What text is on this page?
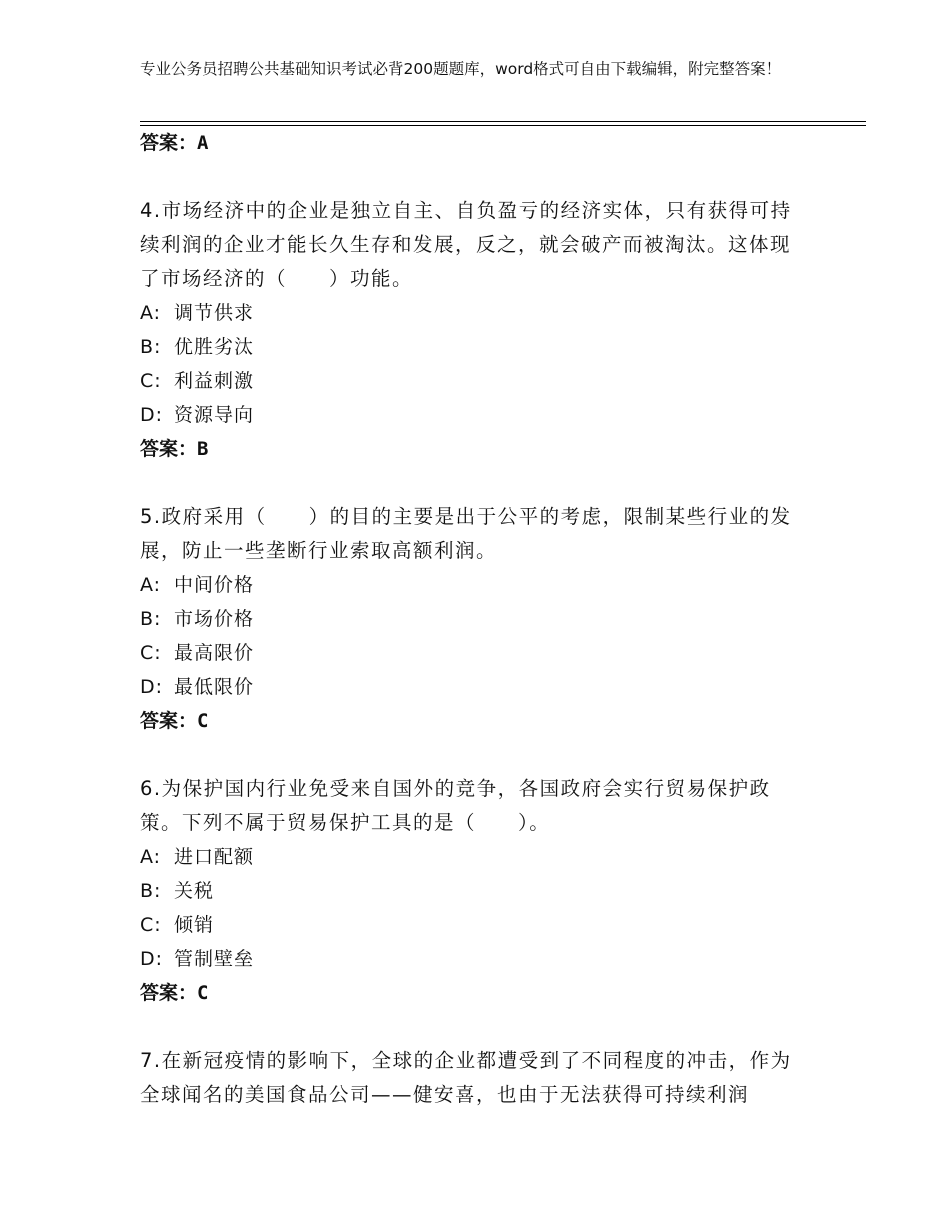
专业公务员招聘公共基础知识考试必背200题题库，word格式可自由下载编辑，附完整答案！

答案：A

4.市场经济中的企业是独立自主、自负盈亏的经济实体，只有获得可持续利润的企业才能长久生存和发展，反之，就会破产而被淘汰。这体现了市场经济的（　　）功能。

A: 调节供求

B: 优胜劣汰

C: 利益刺激

D: 资源导向

答案：B

5.政府采用（　　）的目的主要是出于公平的考虑，限制某些行业的发展，防止一些垄断行业索取高额利润。

A: 中间价格

B: 市场价格

C: 最高限价

D: 最低限价

答案：C

6.为保护国内行业免受来自国外的竞争，各国政府会实行贸易保护政策。下列不属于贸易保护工具的是（　　）。

A: 进口配额

B: 关税

C: 倾销

D: 管制壁垒

答案：C

7.在新冠疫情的影响下，全球的企业都遭受到了不同程度的冲击，作为全球闻名的美国食品公司——健安喜，也由于无法获得可持续利润
